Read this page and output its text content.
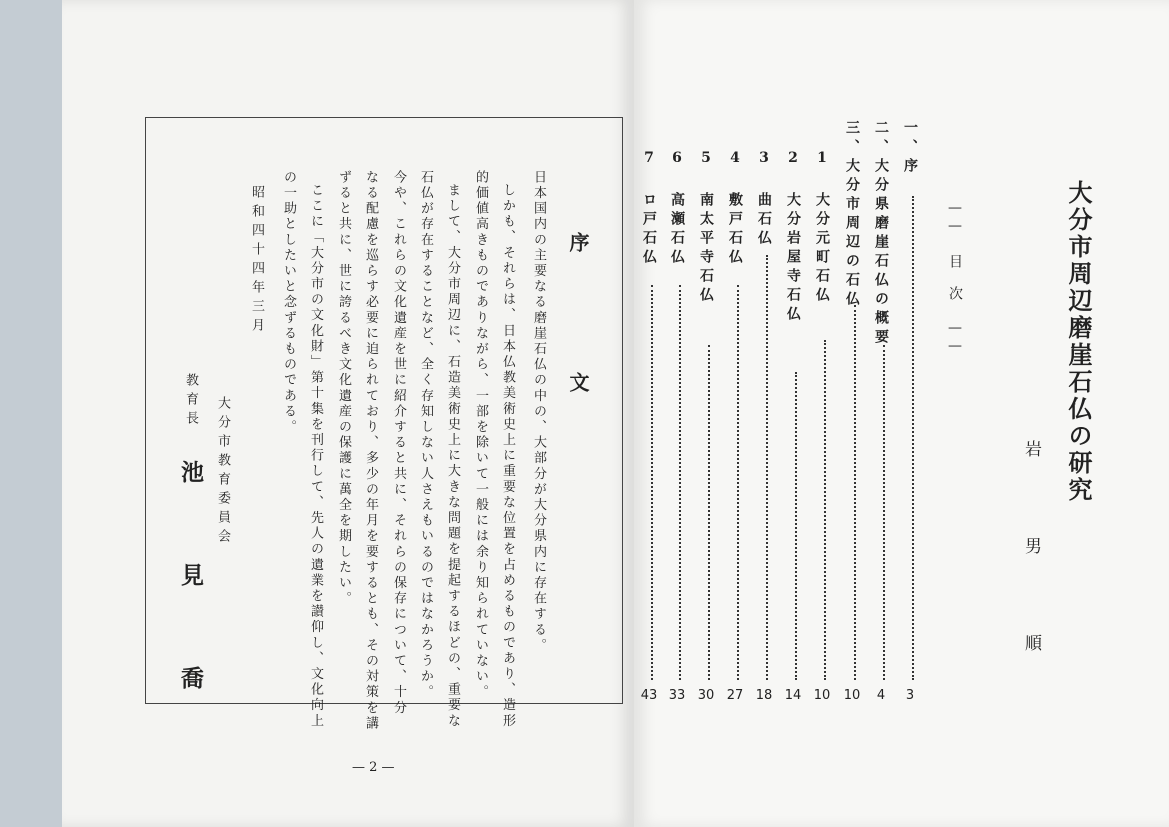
序　文
日本国内の主要なる磨崖石仏の中の、大部分が大分県内に存在する。
しかも、それらは、日本仏教美術史上に重要な位置を占めるものであり、造形
的価値高きものでありながら、一部を除いて一般には余り知られていない。
まして、大分市周辺に、石造美術史上に大きな問題を提起するほどの、重要な
石仏が存在することなど、全く存知しない人さえもいるのではなかろうか。
今や、これらの文化遺産を世に紹介すると共に、それらの保存について、十分
なる配慮を巡らす必要に迫られており、多少の年月を要するとも、その対策を講
ずると共に、世に誇るべき文化遺産の保護に萬全を期したい。
ここに「大分市の文化財」第十集を刊行して、先人の遺業を讃仰し、文化向上
の一助としたいと念ずるものである。
昭和四十四年三月
大分市教育委員会
教育長
池見喬	— 2 —
大分市周辺磨崖石仏の研究
岩男順
—— 目　次 ——
一、序
二、大分県磨崖石仏の概要
三、大分市周辺の石仏
1 大分元町石仏
2 大分岩屋寺石仏
3 曲石仏
4 敷戸石仏
5 南太平寺石仏
6 高瀬石仏
7 ロ戸石仏
3
4
10
10
14
18
27
30
33
43
